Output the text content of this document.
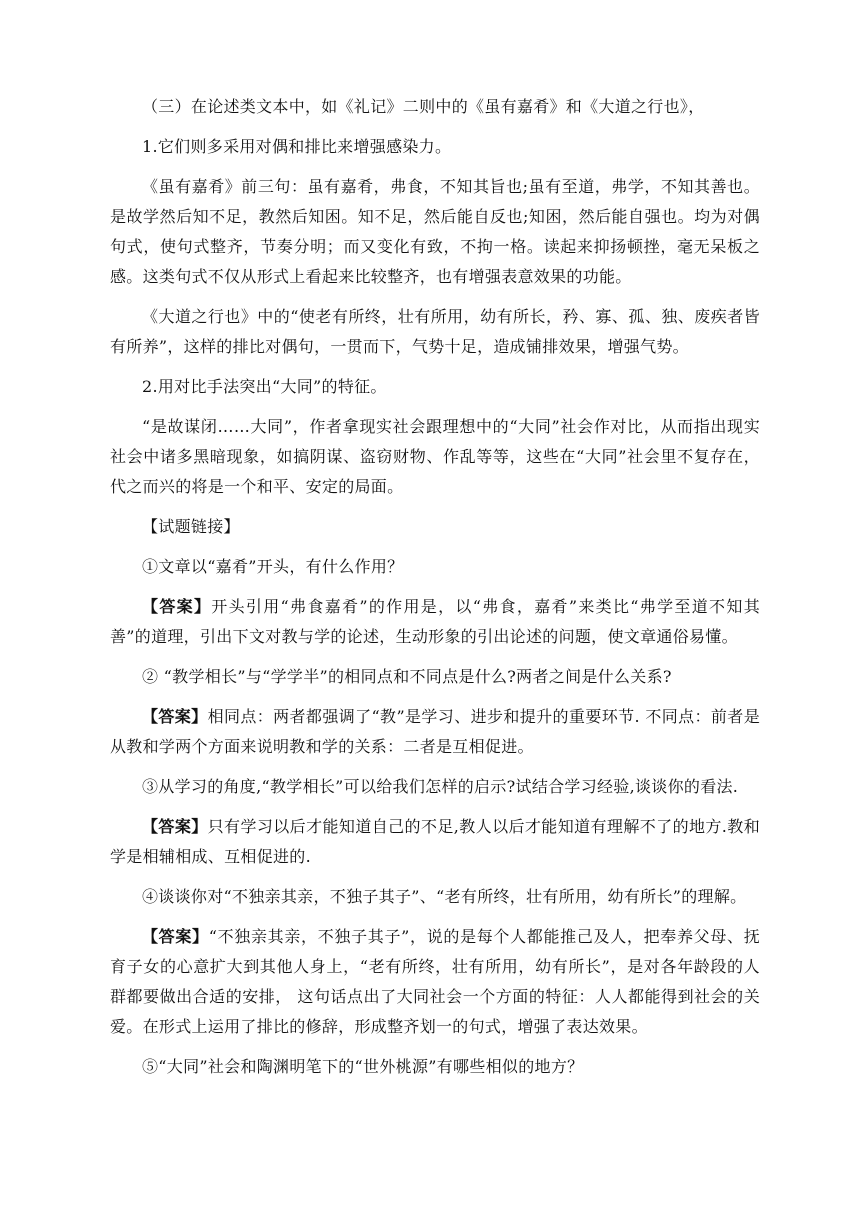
（三）在论述类文本中，如《礼记》二则中的《虽有嘉肴》和《大道之行也》，

1.它们则多采用对偶和排比来增强感染力。

《虽有嘉肴》前三句：虽有嘉肴，弗食，不知其旨也;虽有至道，弗学，不知其善也。是故学然后知不足，教然后知困。知不足，然后能自反也;知困，然后能自强也。均为对偶句式，使句式整齐，节奏分明；而又变化有致，不拘一格。读起来抑扬顿挫，毫无呆板之感。这类句式不仅从形式上看起来比较整齐，也有增强表意效果的功能。

《大道之行也》中的“使老有所终，壮有所用，幼有所长，矜、寡、孤、独、废疾者皆有所养”，这样的排比对偶句，一贯而下，气势十足，造成铺排效果，增强气势。

2.用对比手法突出“大同”的特征。

“是故谋闭……大同”，作者拿现实社会跟理想中的“大同”社会作对比，从而指出现实社会中诸多黑暗现象，如搞阴谋、盗窃财物、作乱等等，这些在“大同”社会里不复存在，代之而兴的将是一个和平、安定的局面。

【试题链接】

①文章以“嘉肴”开头，有什么作用？

【答案】开头引用“弗食嘉肴”的作用是，以“弗食，嘉肴”来类比“弗学至道不知其善”的道理，引出下文对教与学的论述，生动形象的引出论述的问题，使文章通俗易懂。

② “教学相长”与“学学半”的相同点和不同点是什么?两者之间是什么关系?

【答案】相同点：两者都强调了“教”是学习、进步和提升的重要环节. 不同点：前者是从教和学两个方面来说明教和学的关系：二者是互相促进。

③从学习的角度,“教学相长”可以给我们怎样的启示?试结合学习经验,谈谈你的看法.

【答案】只有学习以后才能知道自己的不足,教人以后才能知道有理解不了的地方.教和学是相辅相成、互相促进的.

④谈谈你对“不独亲其亲，不独子其子”、“老有所终，壮有所用，幼有所长”的理解。

【答案】“不独亲其亲，不独子其子”，说的是每个人都能推己及人，把奉养父母、抚育子女的心意扩大到其他人身上，“老有所终，壮有所用，幼有所长”，是对各年龄段的人群都要做出合适的安排， 这句话点出了大同社会一个方面的特征：人人都能得到社会的关爱。在形式上运用了排比的修辞，形成整齐划一的句式，增强了表达效果。

⑤“大同”社会和陶渊明笔下的“世外桃源”有哪些相似的地方？
